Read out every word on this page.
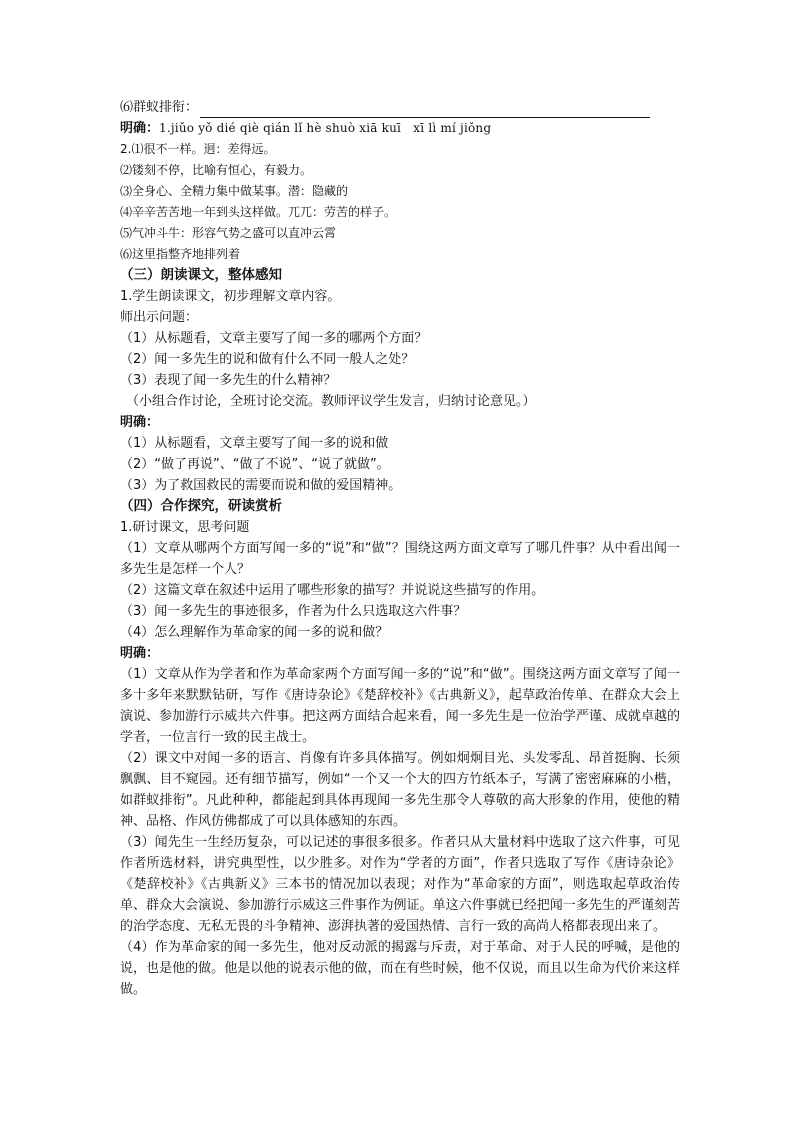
⑹群蚁排衔：
明确：1.jiǔo yǒ dié qiè qián lǐ hè shuò xiā kuī　xī lì mí jiǒng
2.⑴很不一样。迥：差得远。
⑵镂刻不停，比喻有恒心，有毅力。
⑶全身心、全精力集中做某事。潜：隐藏的
⑷辛辛苦苦地一年到头这样做。兀兀：劳苦的样子。
⑸气冲斗牛：形容气势之盛可以直冲云霄
⑹这里指整齐地排列着
（三）朗读课文，整体感知
1.学生朗读课文，初步理解文章内容。
师出示问题：
（1）从标题看，文章主要写了闻一多的哪两个方面？
（2）闻一多先生的说和做有什么不同一般人之处？
（3）表现了闻一多先生的什么精神？
（小组合作讨论，全班讨论交流。教师评议学生发言，归纳讨论意见。）
明确：
（1）从标题看，文章主要写了闻一多的说和做
（2）“做了再说”、“做了不说”、“说了就做”。
（3）为了救国救民的需要而说和做的爱国精神。
（四）合作探究，研读赏析
1.研讨课文，思考问题
（1）文章从哪两个方面写闻一多的“说”和“做”？围绕这两方面文章写了哪几件事？从中看出闻一多先生是怎样一个人？
（2）这篇文章在叙述中运用了哪些形象的描写？并说说这些描写的作用。
（3）闻一多先生的事迹很多，作者为什么只选取这六件事？
（4）怎么理解作为革命家的闻一多的说和做？
明确：
（1）文章从作为学者和作为革命家两个方面写闻一多的“说”和“做”。围绕这两方面文章写了闻一多十多年来默默钻研，写作《唐诗杂论》《楚辞校补》《古典新义》，起草政治传单、在群众大会上演说、参加游行示威共六件事。把这两方面结合起来看，闻一多先生是一位治学严谨、成就卓越的学者，一位言行一致的民主战士。
（2）课文中对闻一多的语言、肖像有许多具体描写。例如炯炯目光、头发零乱、昂首挺胸、长须飘飘、目不窥园。还有细节描写，例如“一个又一个大的四方竹纸本子，写满了密密麻麻的小楷，如群蚁排衔”。凡此种种，都能起到具体再现闻一多先生那令人尊敬的高大形象的作用，使他的精神、品格、作风仿佛都成了可以具体感知的东西。
（3）闻先生一生经历复杂，可以记述的事很多很多。作者只从大量材料中选取了这六件事，可见作者所选材料，讲究典型性，以少胜多。对作为“学者的方面”，作者只选取了写作《唐诗杂论》《楚辞校补》《古典新义》三本书的情况加以表现；对作为“革命家的方面”，则选取起草政治传单、群众大会演说、参加游行示威这三件事作为例证。单这六件事就已经把闻一多先生的严谨刻苦的治学态度、无私无畏的斗争精神、澎湃执著的爱国热情、言行一致的高尚人格都表现出来了。
（4）作为革命家的闻一多先生，他对反动派的揭露与斥责，对于革命、对于人民的呼喊，是他的说，也是他的做。他是以他的说表示他的做，而在有些时候，他不仅说，而且以生命为代价来这样做。
